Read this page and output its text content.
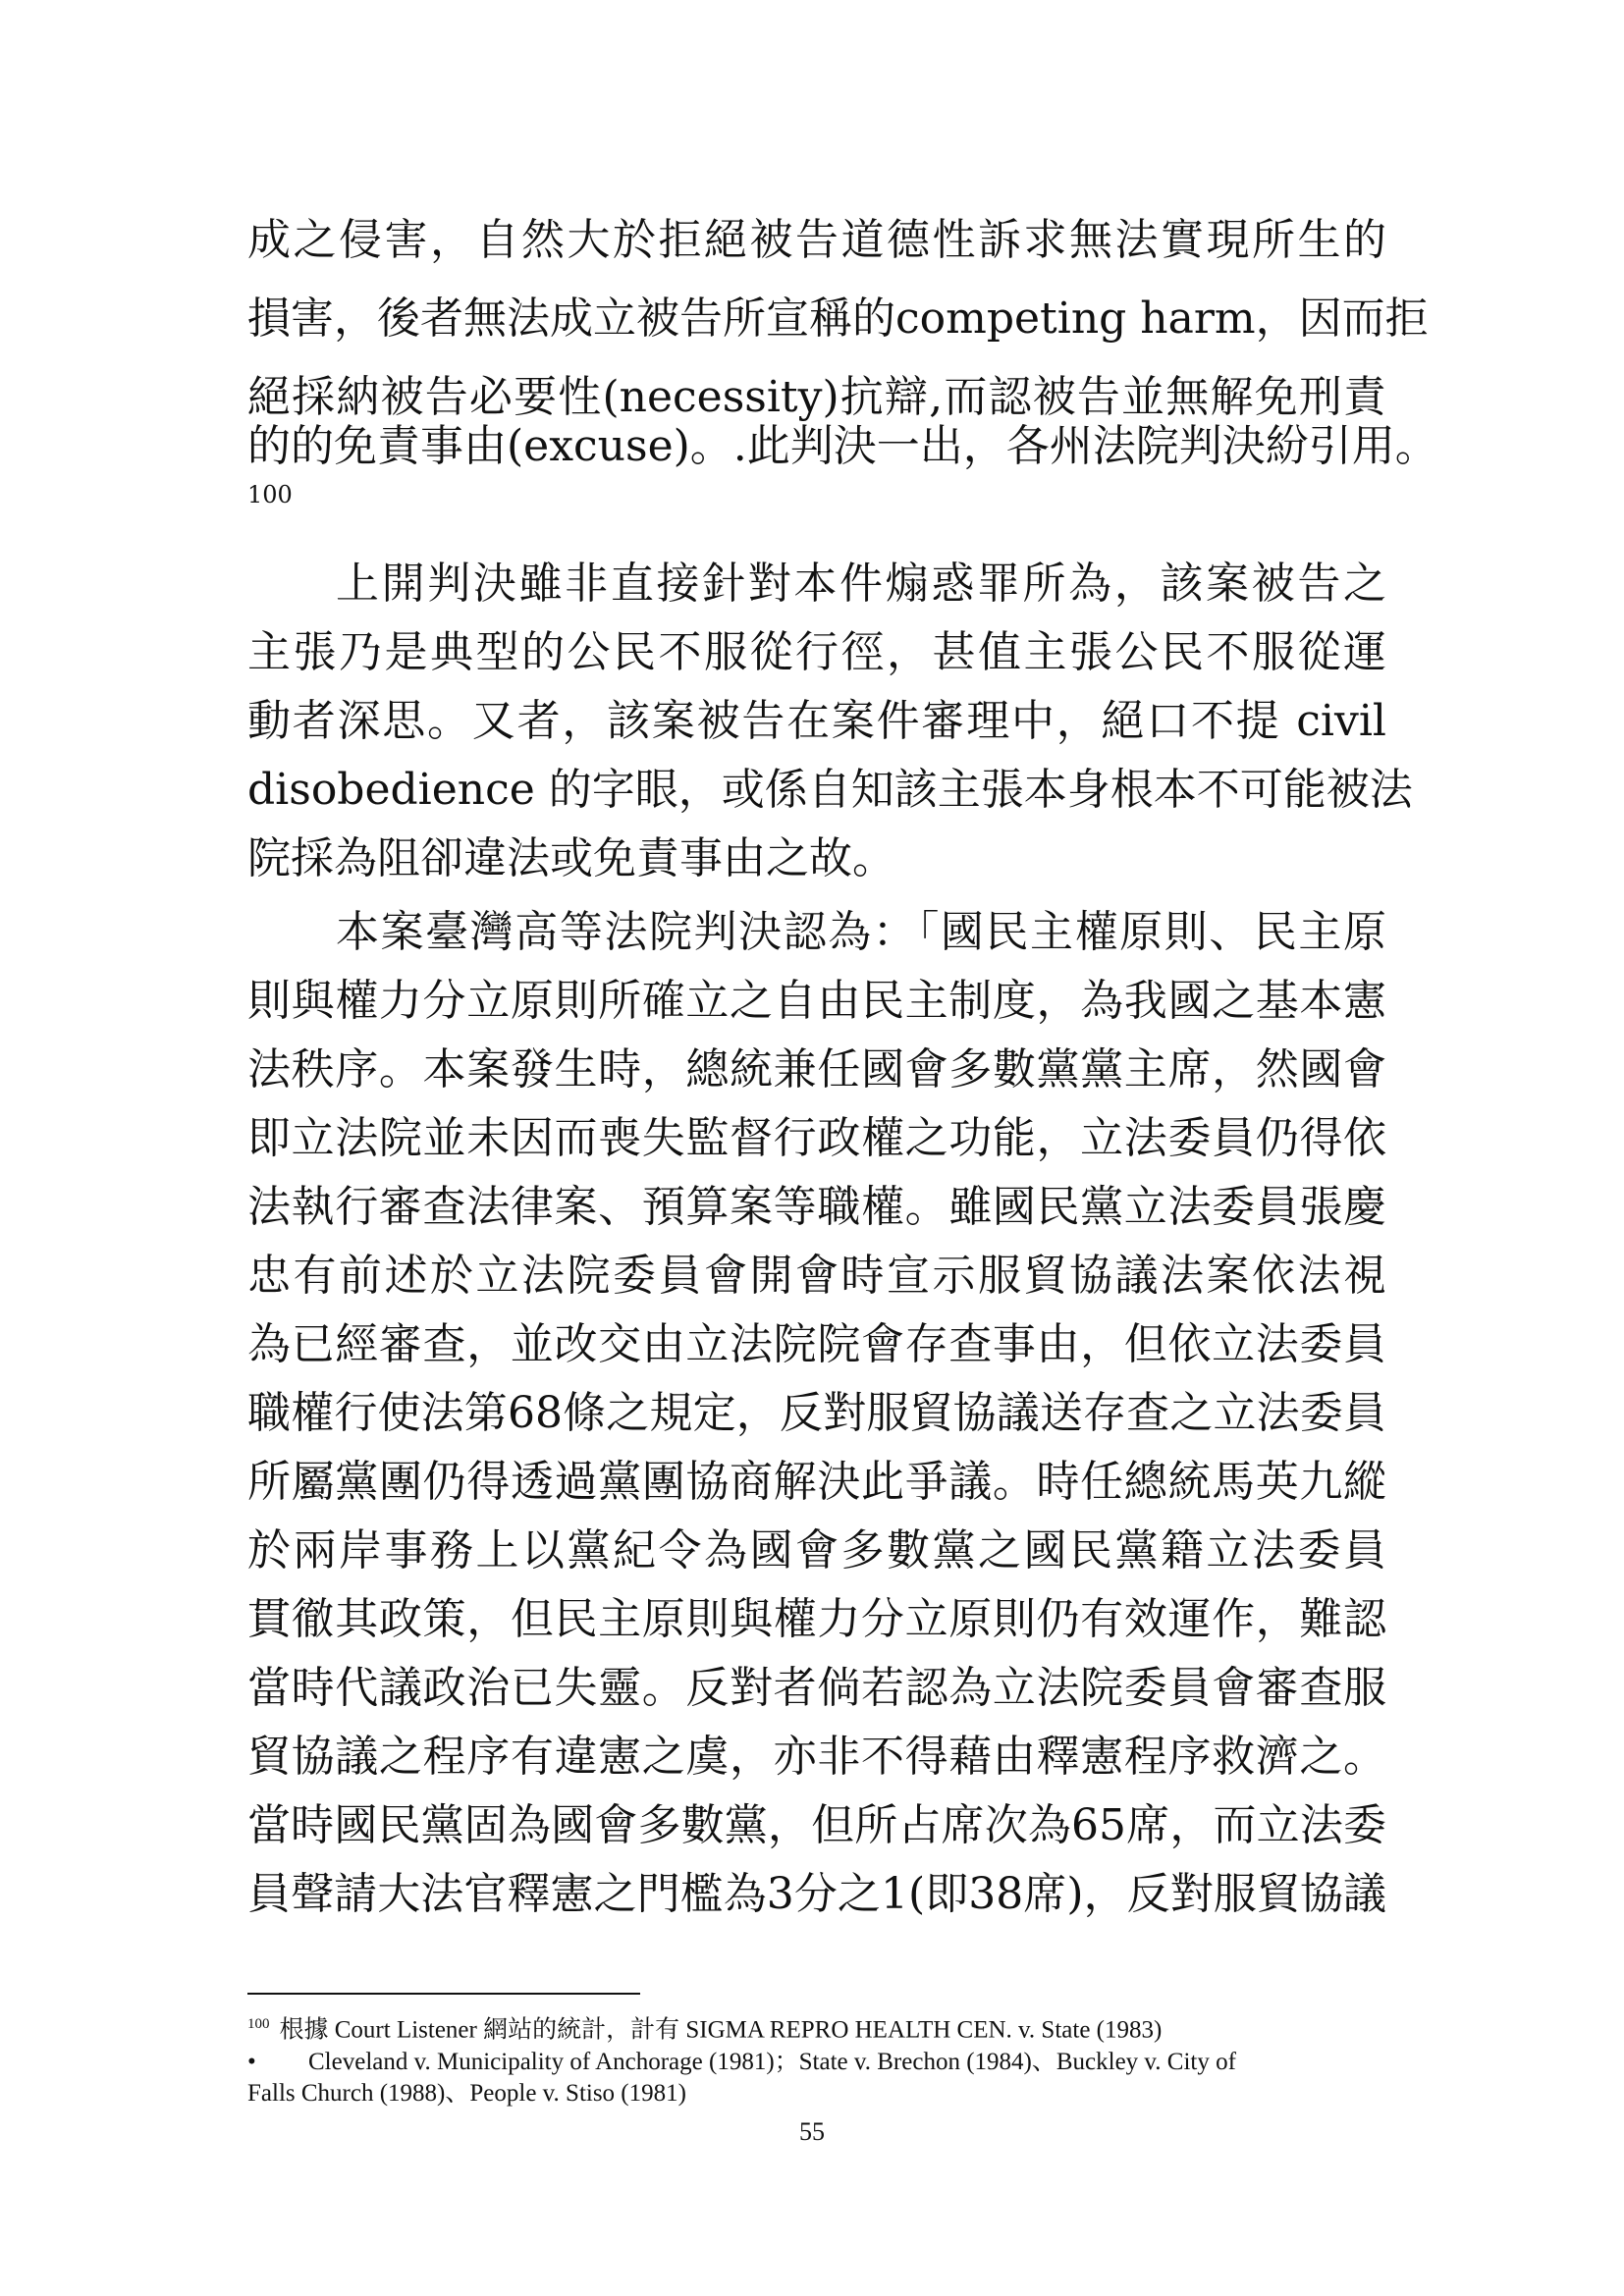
成之侵害，自然大於拒絕被告道德性訴求無法實現所生的
損害，後者無法成立被告所宣稱的competing harm，因而拒
絕採納被告必要性(necessity)抗辯,而認被告並無解免刑責
的的免責事由(excuse)。.此判決一出，各州法院判決紛引用。
上開判決雖非直接針對本件煽惑罪所為，該案被告之
主張乃是典型的公民不服從行徑，甚值主張公民不服從運
動者深思。又者，該案被告在案件審理中，絕口不提 civil
disobedience 的字眼，或係自知該主張本身根本不可能被法
院採為阻卻違法或免責事由之故。
本案臺灣高等法院判決認為：「國民主權原則、民主原
則與權力分立原則所確立之自由民主制度，為我國之基本憲
法秩序。本案發生時，總統兼任國會多數黨黨主席，然國會
即立法院並未因而喪失監督行政權之功能，立法委員仍得依
法執行審查法律案、預算案等職權。雖國民黨立法委員張慶
忠有前述於立法院委員會開會時宣示服貿協議法案依法視
為已經審查，並改交由立法院院會存查事由，但依立法委員
職權行使法第68條之規定，反對服貿協議送存查之立法委員
所屬黨團仍得透過黨團協商解決此爭議。時任總統馬英九縱
於兩岸事務上以黨紀令為國會多數黨之國民黨籍立法委員
貫徹其政策，但民主原則與權力分立原則仍有效運作，難認
當時代議政治已失靈。反對者倘若認為立法院委員會審查服
貿協議之程序有違憲之虞，亦非不得藉由釋憲程序救濟之。
當時國民黨固為國會多數黨，但所占席次為65席，而立法委
員聲請大法官釋憲之門檻為3分之1(即38席)，反對服貿協議
100
$^{100}$ 根據 Court Listener 網站的統計，計有 SIGMA REPRO HEALTH CEN. v. State (1983)
• Cleveland v. Municipality of Anchorage (1981)；State v. Brechon (1984)、Buckley v. City of
Falls Church (1988)、People v. Stiso (1981)
55
